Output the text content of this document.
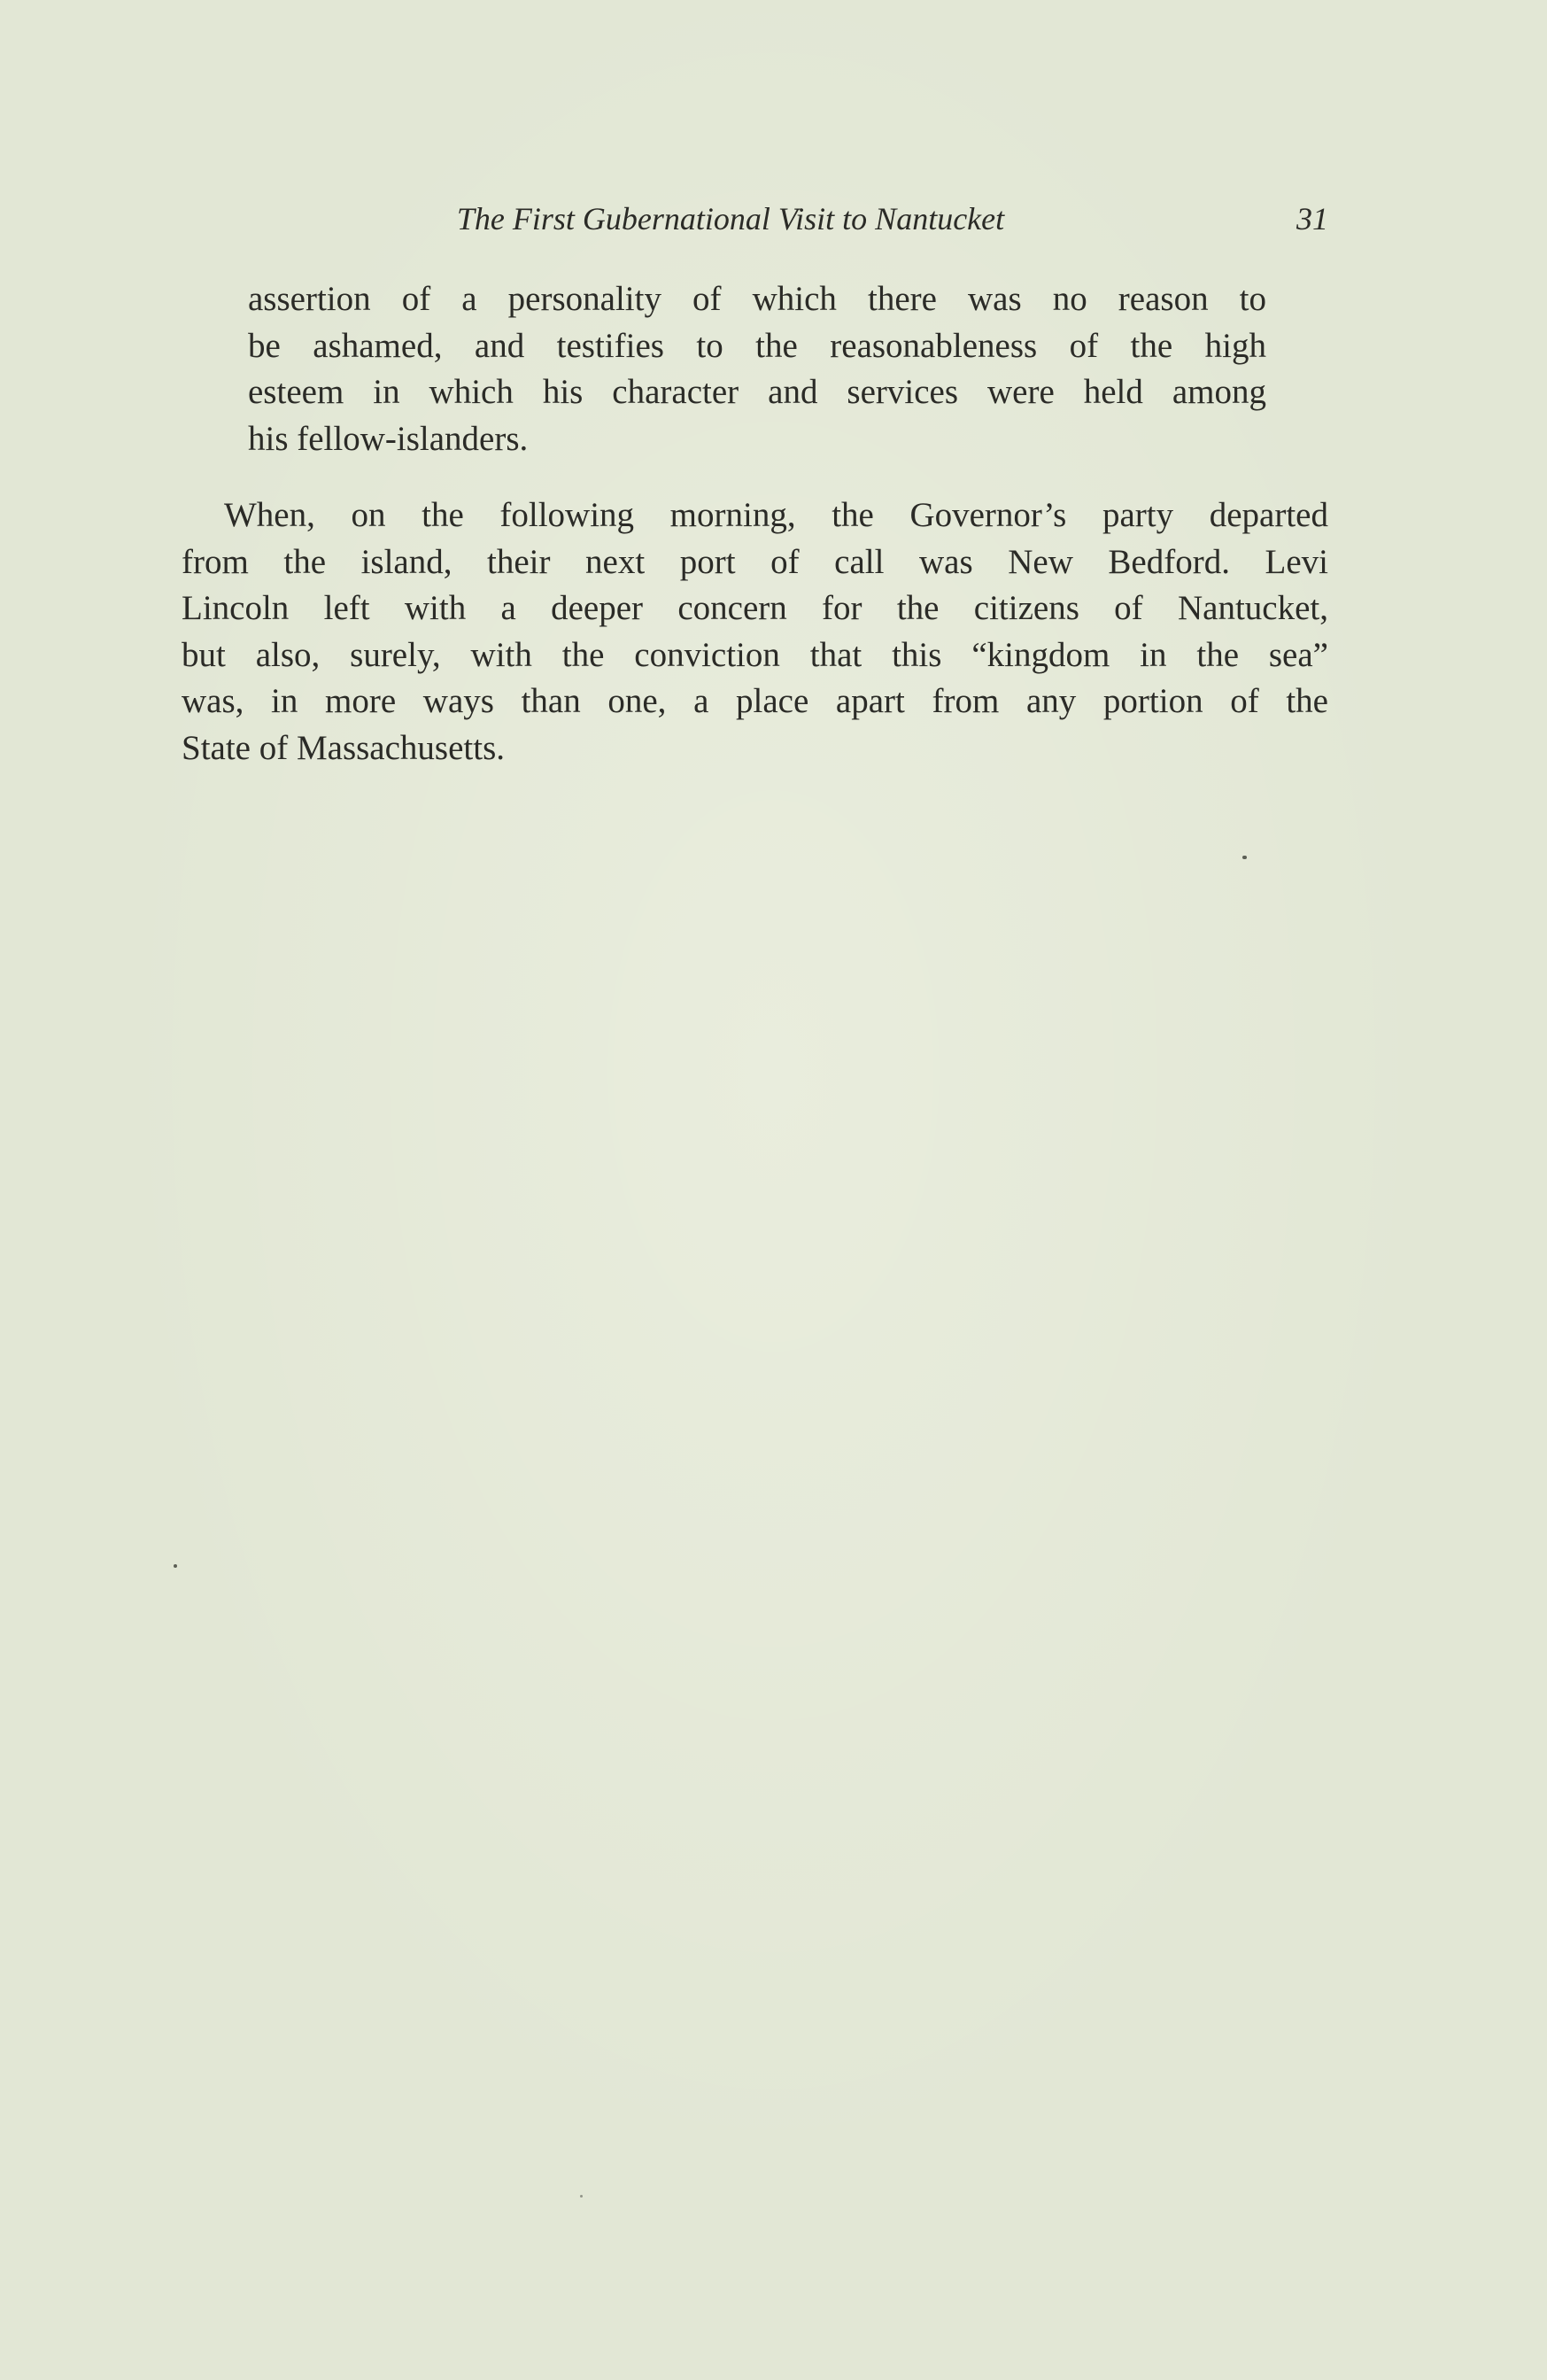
The First Gubernational Visit to Nantucket	31

assertion of a personality of which there was no reason to
be ashamed, and testifies to the reasonableness of the high
esteem in which his character and services were held among
his fellow-islanders.

When, on the following morning, the Governor’s party departed
from the island, their next port of call was New Bedford. Levi
Lincoln left with a deeper concern for the citizens of Nantucket,
but also, surely, with the conviction that this “kingdom in the sea”
was, in more ways than one, a place apart from any portion of the
State of Massachusetts.
